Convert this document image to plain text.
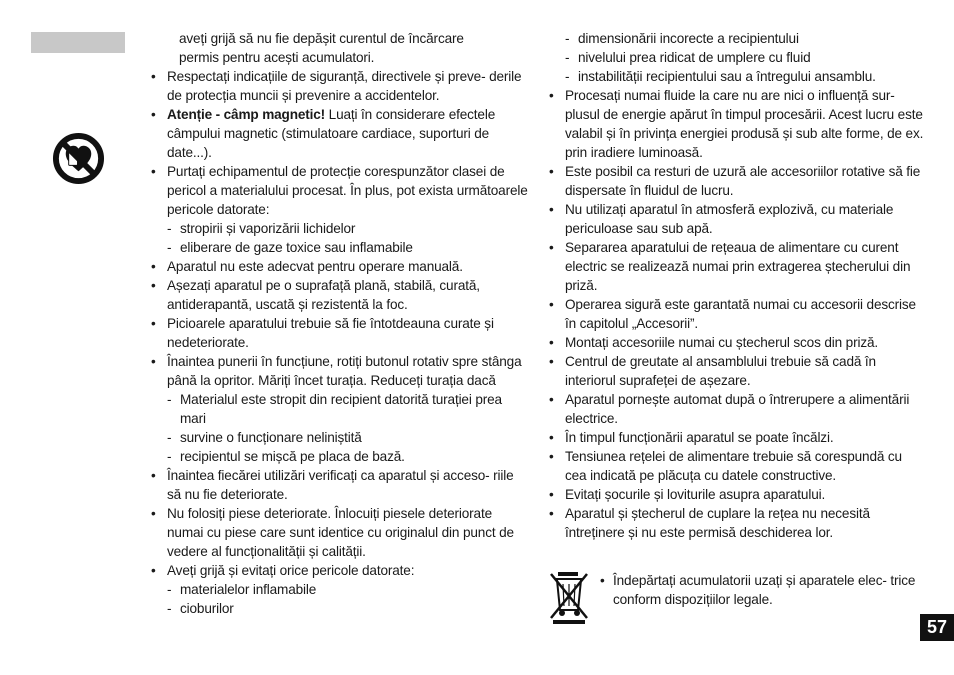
aveți grijă să nu fie depășit curentul de încărcare
permis pentru acești acumulatori.
• Respectați indicațiile de siguranță, directivele și preve- derile de protecția muncii și prevenire a accidentelor.
• Atenție - câmp magnetic! Luați în considerare efectele câmpului magnetic (stimulatoare cardiace, suporturi de date...).
• Purtați echipamentul de protecție corespunzător clasei de pericol a materialului procesat. În plus, pot exista următoarele pericole datorate:
- stropirii și vaporizării lichidelor
- eliberare de gaze toxice sau inflamabile
• Aparatul nu este adecvat pentru operare manuală.
• Așezați aparatul pe o suprafață plană, stabilă, curată, antiderapantă, uscată și rezistentă la foc.
• Picioarele aparatului trebuie să fie întotdeauna curate și nedeteriorate.
• Înaintea punerii în funcțiune, rotiți butonul rotativ spre stânga până la opritor. Măriți încet turația. Reduceți turația dacă
- Materialul este stropit din recipient datorită turației prea mari
- survine o funcționare neliniștită
- recipientul se mișcă pe placa de bază.
• Înaintea fiecărei utilizări verificați ca aparatul și acceso- riile să nu fie deteriorate.
• Nu folosiți piese deteriorate. Înlocuiți piesele deteriorate numai cu piese care sunt identice cu originalul din punct de vedere al funcționalității și calității.
• Aveți grijă și evitați orice pericole datorate:
- materialelor inflamabile
- cioburilor
- dimensionării incorecte a recipientului
- nivelului prea ridicat de umplere cu fluid
- instabilității recipientului sau a întregului ansamblu.
• Procesați numai fluide la care nu are nici o influență sur- plusul de energie apărut în timpul procesării. Acest lucru este valabil și în privința energiei produsă și sub alte forme, de ex. prin iradiere luminoasă.
• Este posibil ca resturi de uzură ale accesoriilor rotative să fie dispersate în fluidul de lucru.
• Nu utilizați aparatul în atmosferă explozivă, cu materiale periculoase sau sub apă.
• Separarea aparatului de rețeaua de alimentare cu curent electric se realizează numai prin extragerea ștecherului din priză.
• Operarea sigură este garantată numai cu accesorii descrise în capitolul „Accesorii”.
• Montați accesoriile numai cu ștecherul scos din priză.
• Centrul de greutate al ansamblului trebuie să cadă în interiorul suprafeței de așezare.
• Aparatul pornește automat după o întrerupere a alimentării electrice.
• În timpul funcționării aparatul se poate încălzi.
• Tensiunea rețelei de alimentare trebuie să corespundă cu cea indicată pe plăcuța cu datele constructive.
• Evitați șocurile și loviturile asupra aparatului.
• Aparatul și ștecherul de cuplare la rețea nu necesită întreținere și nu este permisă deschiderea lor.
• Îndepărtați acumulatorii uzați și aparatele elec- trice conform dispozițiilor legale.
57
